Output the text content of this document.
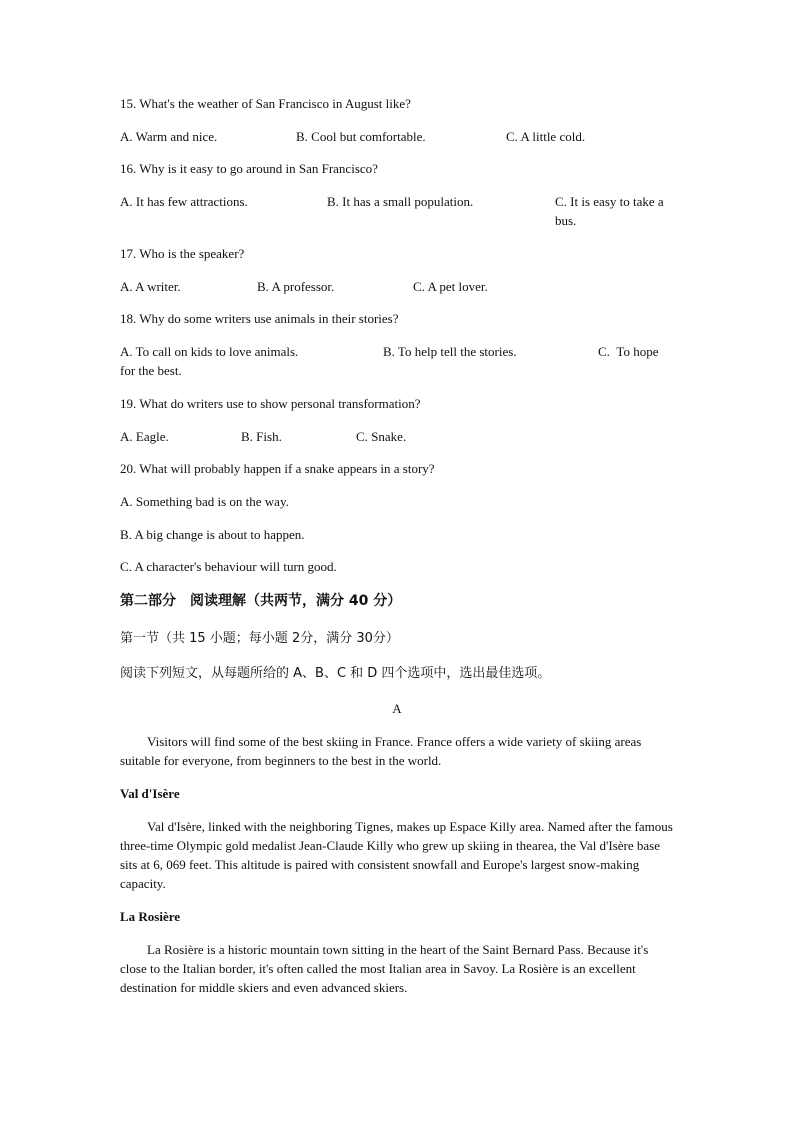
15. What's the weather of San Francisco in August like?
A. Warm and nice.	B. Cool but comfortable.	C. A little cold.
16. Why is it easy to go around in San Francisco?
A. It has few attractions.	B. It has a small population.	C. It is easy to take a bus.
17. Who is the speaker?
A. A writer.	B. A professor.	C. A pet lover.
18. Why do some writers use animals in their stories?
A. To call on kids to love animals.	B. To help tell the stories.	C.  To hope
for the best.
19. What do writers use to show personal transformation?
A. Eagle.	B. Fish.	C. Snake.
20. What will probably happen if a snake appears in a story?
A. Something bad is on the way.
B. A big change is about to happen.
C. A character's behaviour will turn good.
第二部分　阅读理解（共两节，满分 40 分）
第一节（共 15 小题；每小题 2分，满分 30分）
阅读下列短文，从每题所给的 A、B、C 和 D 四个选项中，选出最佳选项。
A
Visitors will find some of the best skiing in France. France offers a wide variety of skiing areas suitable for everyone, from beginners to the best in the world.
Val d'Isère
Val d'Isère, linked with the neighboring Tignes, makes up Espace Killy area. Named after the famous three-time Olympic gold medalist Jean-Claude Killy who grew up skiing in thearea, the Val d'Isère base sits at 6, 069 feet. This altitude is paired with consistent snowfall and Europe's largest snow-making capacity.
La Rosière
La Rosière is a historic mountain town sitting in the heart of the Saint Bernard Pass. Because it's close to the Italian border, it's often called the most Italian area in Savoy. La Rosière is an excellent destination for middle skiers and even advanced skiers.
